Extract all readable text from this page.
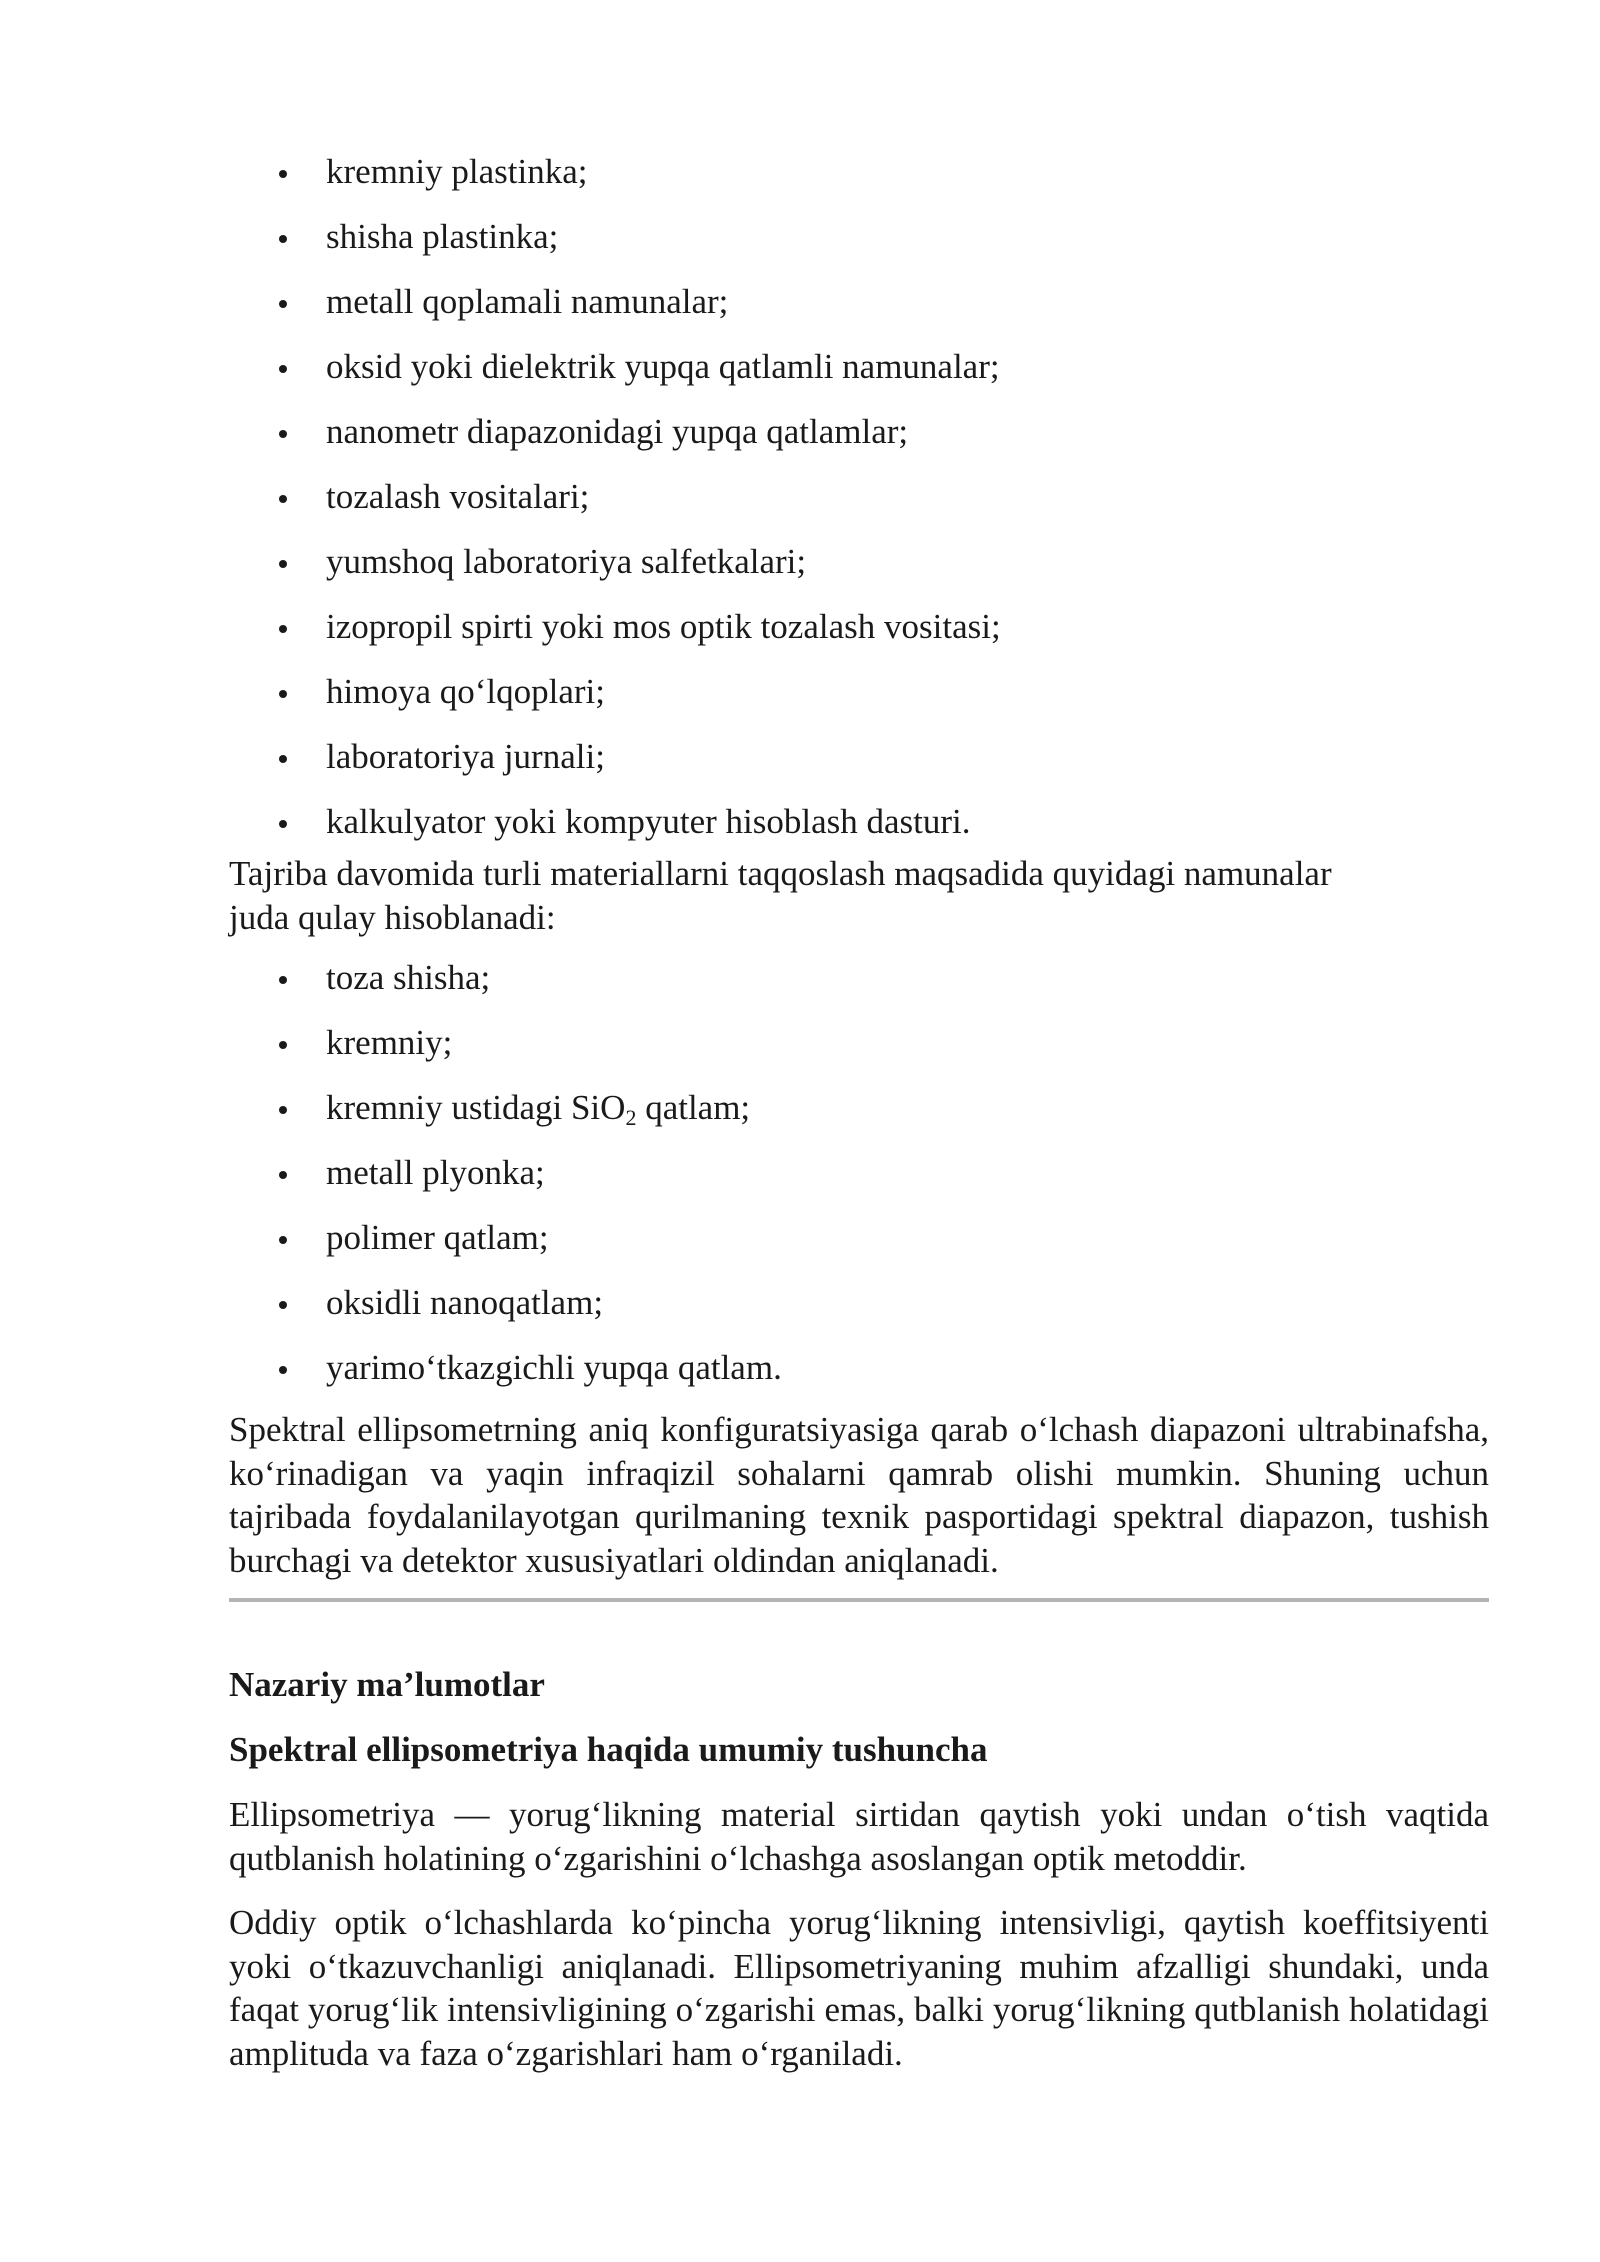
kremniy plastinka;
shisha plastinka;
metall qoplamali namunalar;
oksid yoki dielektrik yupqa qatlamli namunalar;
nanometr diapazonidagi yupqa qatlamlar;
tozalash vositalari;
yumshoq laboratoriya salfetkalari;
izopropil spirti yoki mos optik tozalash vositasi;
himoya qo‘lqoplari;
laboratoriya jurnali;
kalkulyator yoki kompyuter hisoblash dasturi.

Tajriba davomida turli materiallarni taqqoslash maqsadida quyidagi namunalar
juda qulay hisoblanadi:

toza shisha;
kremniy;
kremniy ustidagi SiO$_2$ qatlam;
metall plyonka;
polimer qatlam;
oksidli nanoqatlam;
yarimo‘tkazgichli yupqa qatlam.

Spektral ellipsometrning aniq konfiguratsiyasiga qarab o‘lchash diapazoni ultrabinafsha, ko‘rinadigan va yaqin infraqizil sohalarni qamrab olishi mumkin. Shuning uchun tajribada foydalanilayotgan qurilmaning texnik pasportidagi spektral diapazon, tushish burchagi va detektor xususiyatlari oldindan aniqlanadi.

Nazariy ma’lumotlar
Spektral ellipsometriya haqida umumiy tushuncha

Ellipsometriya — yorug‘likning material sirtidan qaytish yoki undan o‘tish vaqtida qutblanish holatining o‘zgarishini o‘lchashga asoslangan optik metoddir.

Oddiy optik o‘lchashlarda ko‘pincha yorug‘likning intensivligi, qaytish koeffitsiyenti yoki o‘tkazuvchanligi aniqlanadi. Ellipsometriyaning muhim afzalligi shundaki, unda faqat yorug‘lik intensivligining o‘zgarishi emas, balki yorug‘likning qutblanish holatidagi amplituda va faza o‘zgarishlari ham o‘rganiladi.
